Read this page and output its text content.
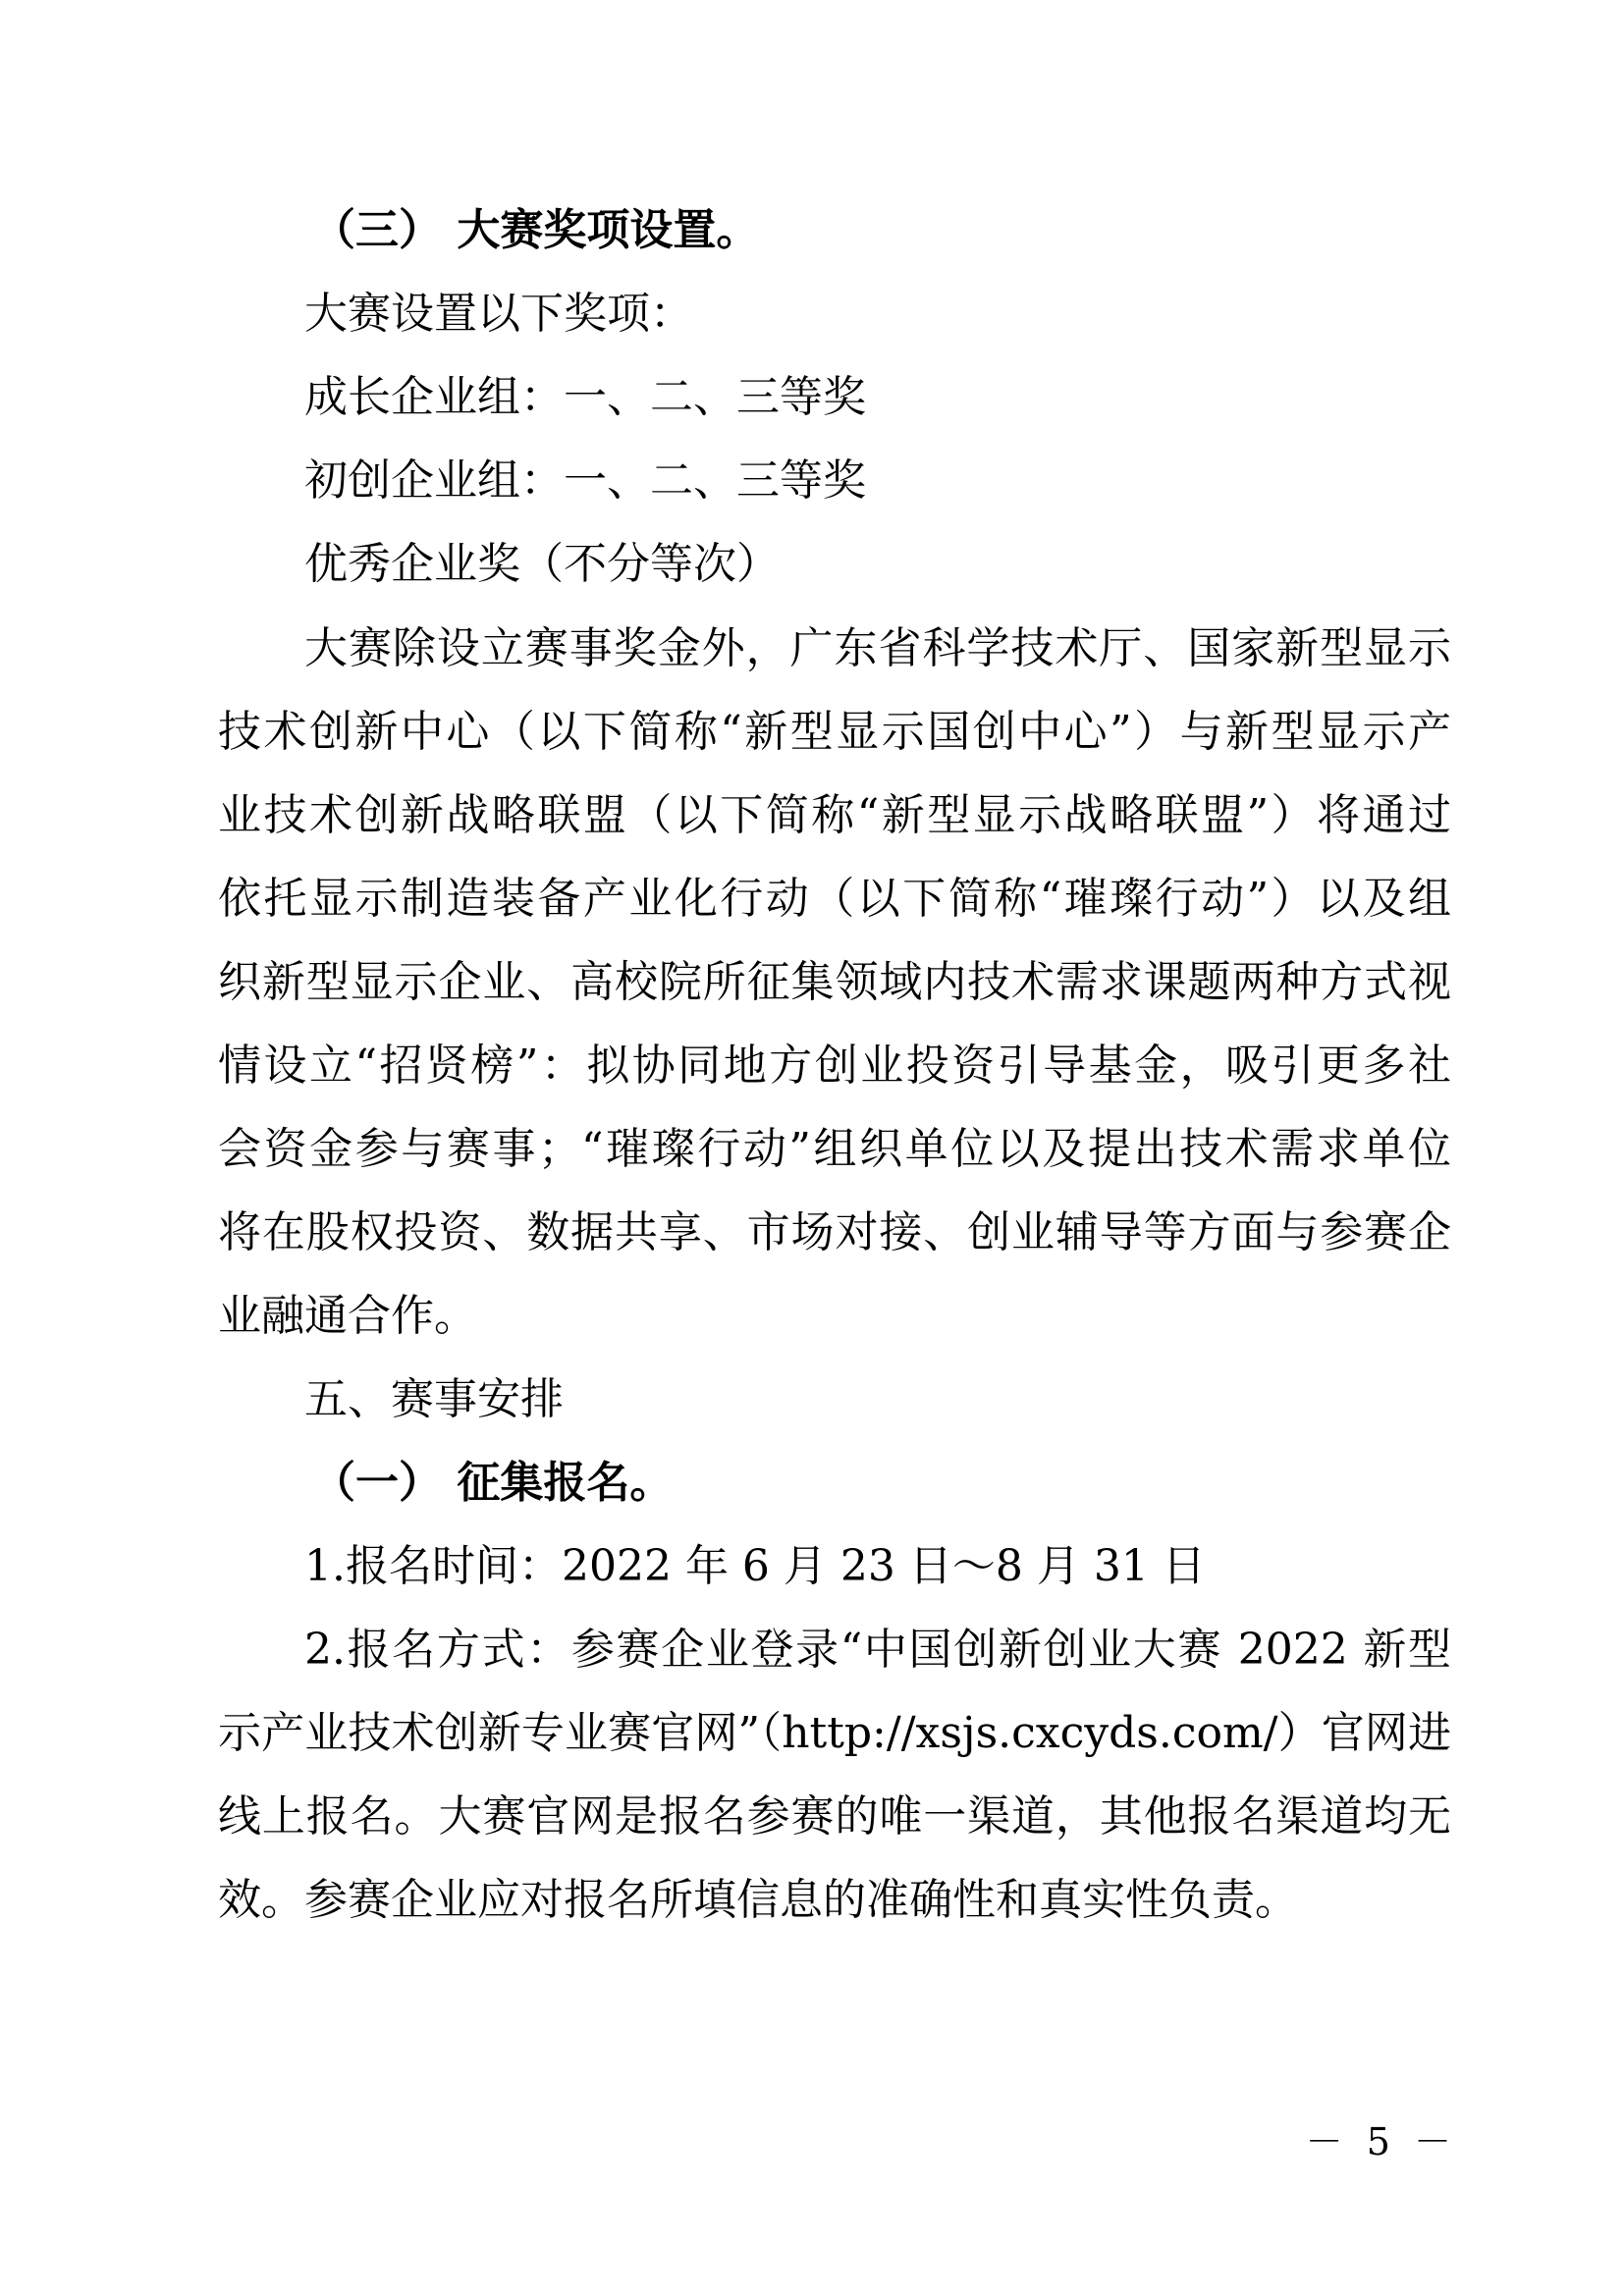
（三） 大赛奖项设置。
大赛设置以下奖项：
成长企业组：一、二、三等奖
初创企业组：一、二、三等奖
优秀企业奖（不分等次）
大赛除设立赛事奖金外，广东省科学技术厅、国家新型显示
技术创新中心（以下简称“新型显示国创中心”）与新型显示产
业技术创新战略联盟（以下简称“新型显示战略联盟”）将通过
依托显示制造装备产业化行动（以下简称“璀璨行动”）以及组
织新型显示企业、高校院所征集领域内技术需求课题两种方式视
情设立“招贤榜”：拟协同地方创业投资引导基金，吸引更多社
会资金参与赛事；“璀璨行动”组织单位以及提出技术需求单位
将在股权投资、数据共享、市场对接、创业辅导等方面与参赛企
业融通合作。
五、赛事安排
（一） 征集报名。
1.报名时间：2022 年 6 月 23 日～8 月 31 日
2.报名方式：参赛企业登录“中国创新创业大赛 2022 新型
示产业技术创新专业赛官网”（http://xsjs.cxcyds.com/）官网进
线上报名。大赛官网是报名参赛的唯一渠道，其他报名渠道均无
效。参赛企业应对报名所填信息的准确性和真实性负责。
－ 5 －
